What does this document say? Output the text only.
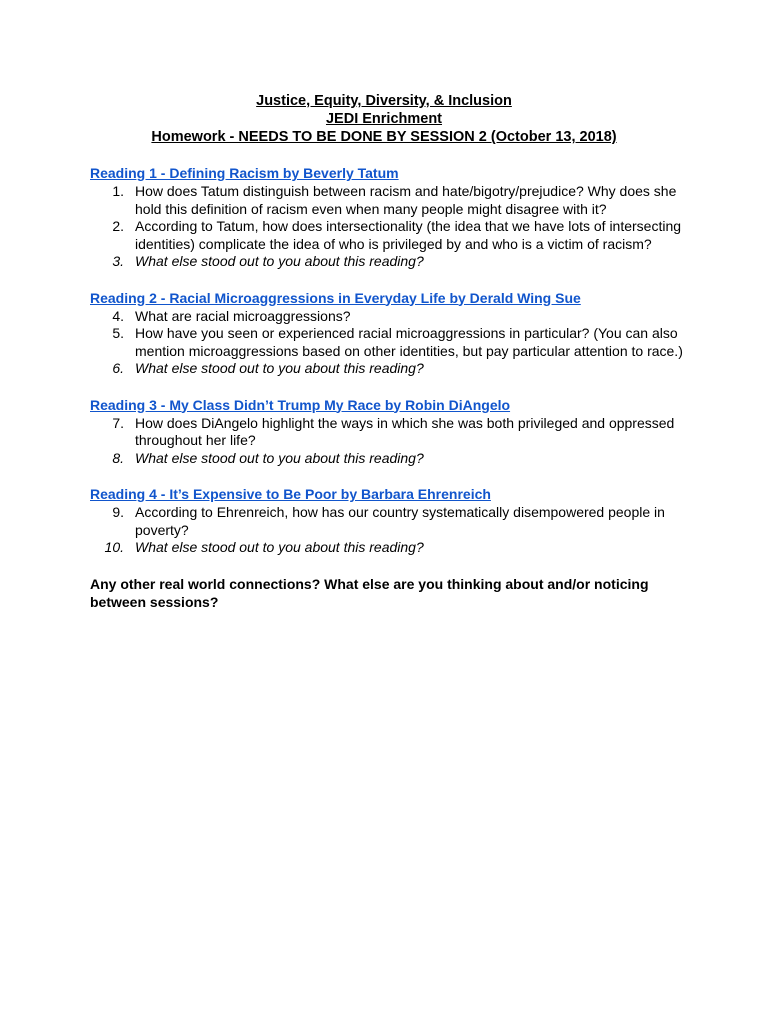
Justice, Equity, Diversity, & Inclusion
JEDI Enrichment
Homework - NEEDS TO BE DONE BY SESSION 2 (October 13, 2018)
Reading 1 - Defining Racism by Beverly Tatum
1. How does Tatum distinguish between racism and hate/bigotry/prejudice? Why does she hold this definition of racism even when many people might disagree with it?
2. According to Tatum, how does intersectionality (the idea that we have lots of intersecting identities) complicate the idea of who is privileged by and who is a victim of racism?
3. What else stood out to you about this reading?
Reading 2 - Racial Microaggressions in Everyday Life by Derald Wing Sue
4. What are racial microaggressions?
5. How have you seen or experienced racial microaggressions in particular? (You can also mention microaggressions based on other identities, but pay particular attention to race.)
6. What else stood out to you about this reading?
Reading 3 - My Class Didn’t Trump My Race by Robin DiAngelo
7. How does DiAngelo highlight the ways in which she was both privileged and oppressed throughout her life?
8. What else stood out to you about this reading?
Reading 4 - It’s Expensive to Be Poor by Barbara Ehrenreich
9. According to Ehrenreich, how has our country systematically disempowered people in poverty?
10. What else stood out to you about this reading?
Any other real world connections? What else are you thinking about and/or noticing between sessions?
